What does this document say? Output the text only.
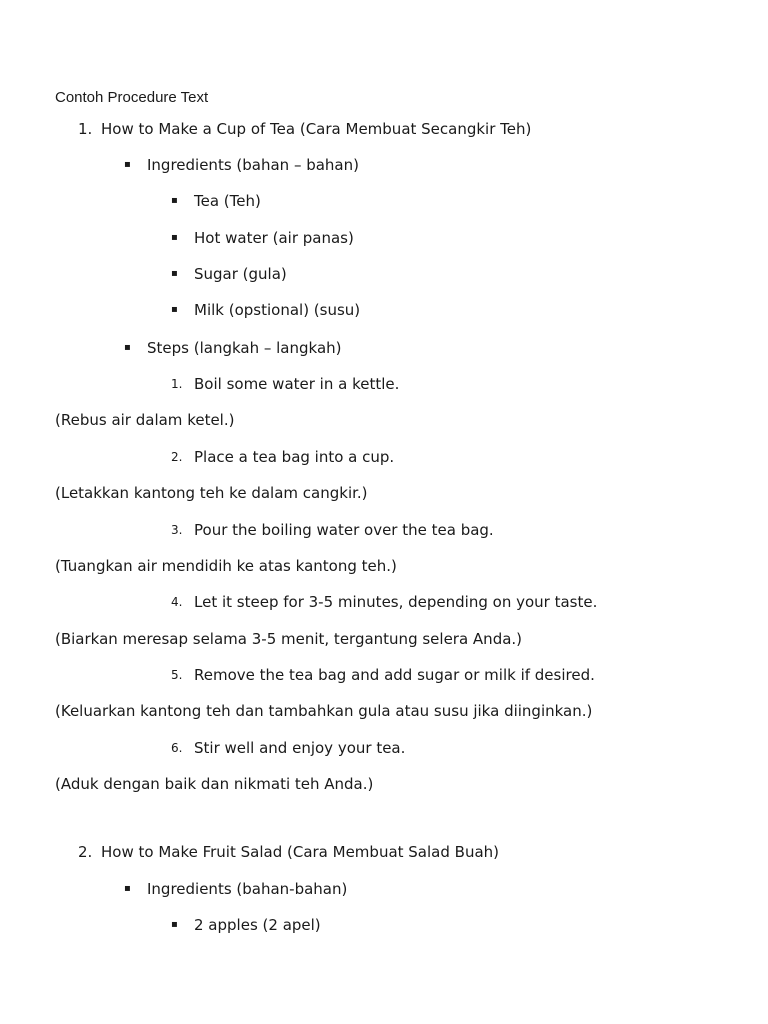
Contoh Procedure Text
1. How to Make a Cup of Tea (Cara Membuat Secangkir Teh)
▪ Ingredients (bahan – bahan)
▪ Tea (Teh)
▪ Hot water (air panas)
▪ Sugar (gula)
▪ Milk (opstional) (susu)
▪ Steps (langkah – langkah)
1. Boil some water in a kettle.
(Rebus air dalam ketel.)
2. Place a tea bag into a cup.
(Letakkan kantong teh ke dalam cangkir.)
3. Pour the boiling water over the tea bag.
(Tuangkan air mendidih ke atas kantong teh.)
4. Let it steep for 3-5 minutes, depending on your taste.
(Biarkan meresap selama 3-5 menit, tergantung selera Anda.)
5. Remove the tea bag and add sugar or milk if desired.
(Keluarkan kantong teh dan tambahkan gula atau susu jika diinginkan.)
6. Stir well and enjoy your tea.
(Aduk dengan baik dan nikmati teh Anda.)
2. How to Make Fruit Salad (Cara Membuat Salad Buah)
▪ Ingredients (bahan-bahan)
▪ 2 apples (2 apel)
